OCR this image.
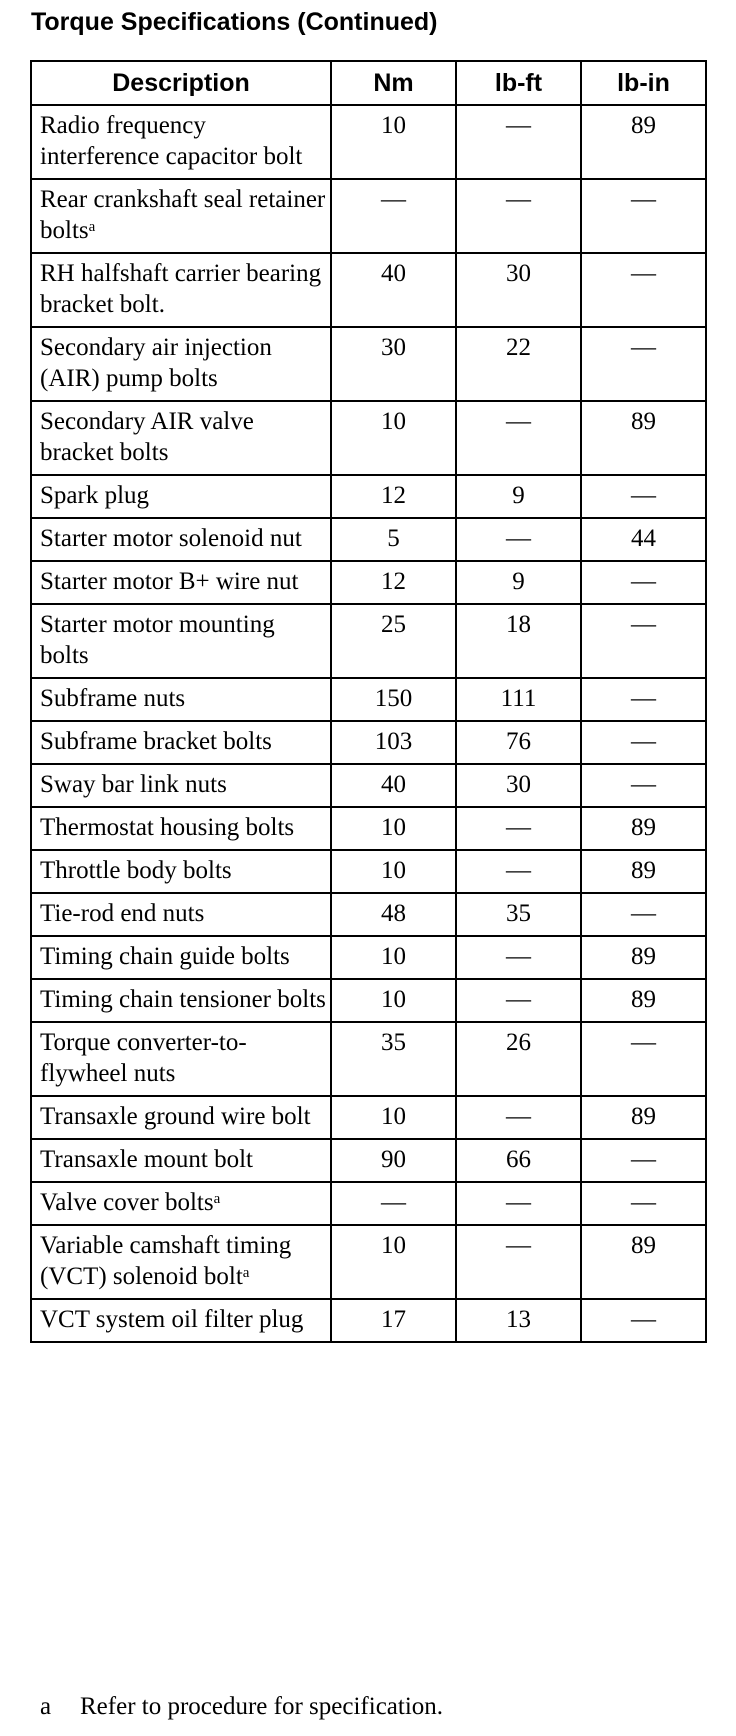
Torque Specifications (Continued)
Description	Nm	lb-ft	lb-in
Radio frequency interference capacitor bolt	10	—	89
Rear crankshaft seal retainer bolts$^a$	—	—	—
RH halfshaft carrier bearing bracket bolt.	40	30	—
Secondary air injection (AIR) pump bolts	30	22	—
Secondary AIR valve bracket bolts	10	—	89
Spark plug	12	9	—
Starter motor solenoid nut	5	—	44
Starter motor B+ wire nut	12	9	—
Starter motor mounting bolts	25	18	—
Subframe nuts	150	111	—
Subframe bracket bolts	103	76	—
Sway bar link nuts	40	30	—
Thermostat housing bolts	10	—	89
Throttle body bolts	10	—	89
Tie-rod end nuts	48	35	—
Timing chain guide bolts	10	—	89
Timing chain tensioner bolts	10	—	89
Torque converter-to-flywheel nuts	35	26	—
Transaxle ground wire bolt	10	—	89
Transaxle mount bolt	90	66	—
Valve cover bolts$^a$	—	—	—
Variable camshaft timing (VCT) solenoid bolt$^a$	10	—	89
VCT system oil filter plug	17	13	—
a Refer to procedure for specification.
